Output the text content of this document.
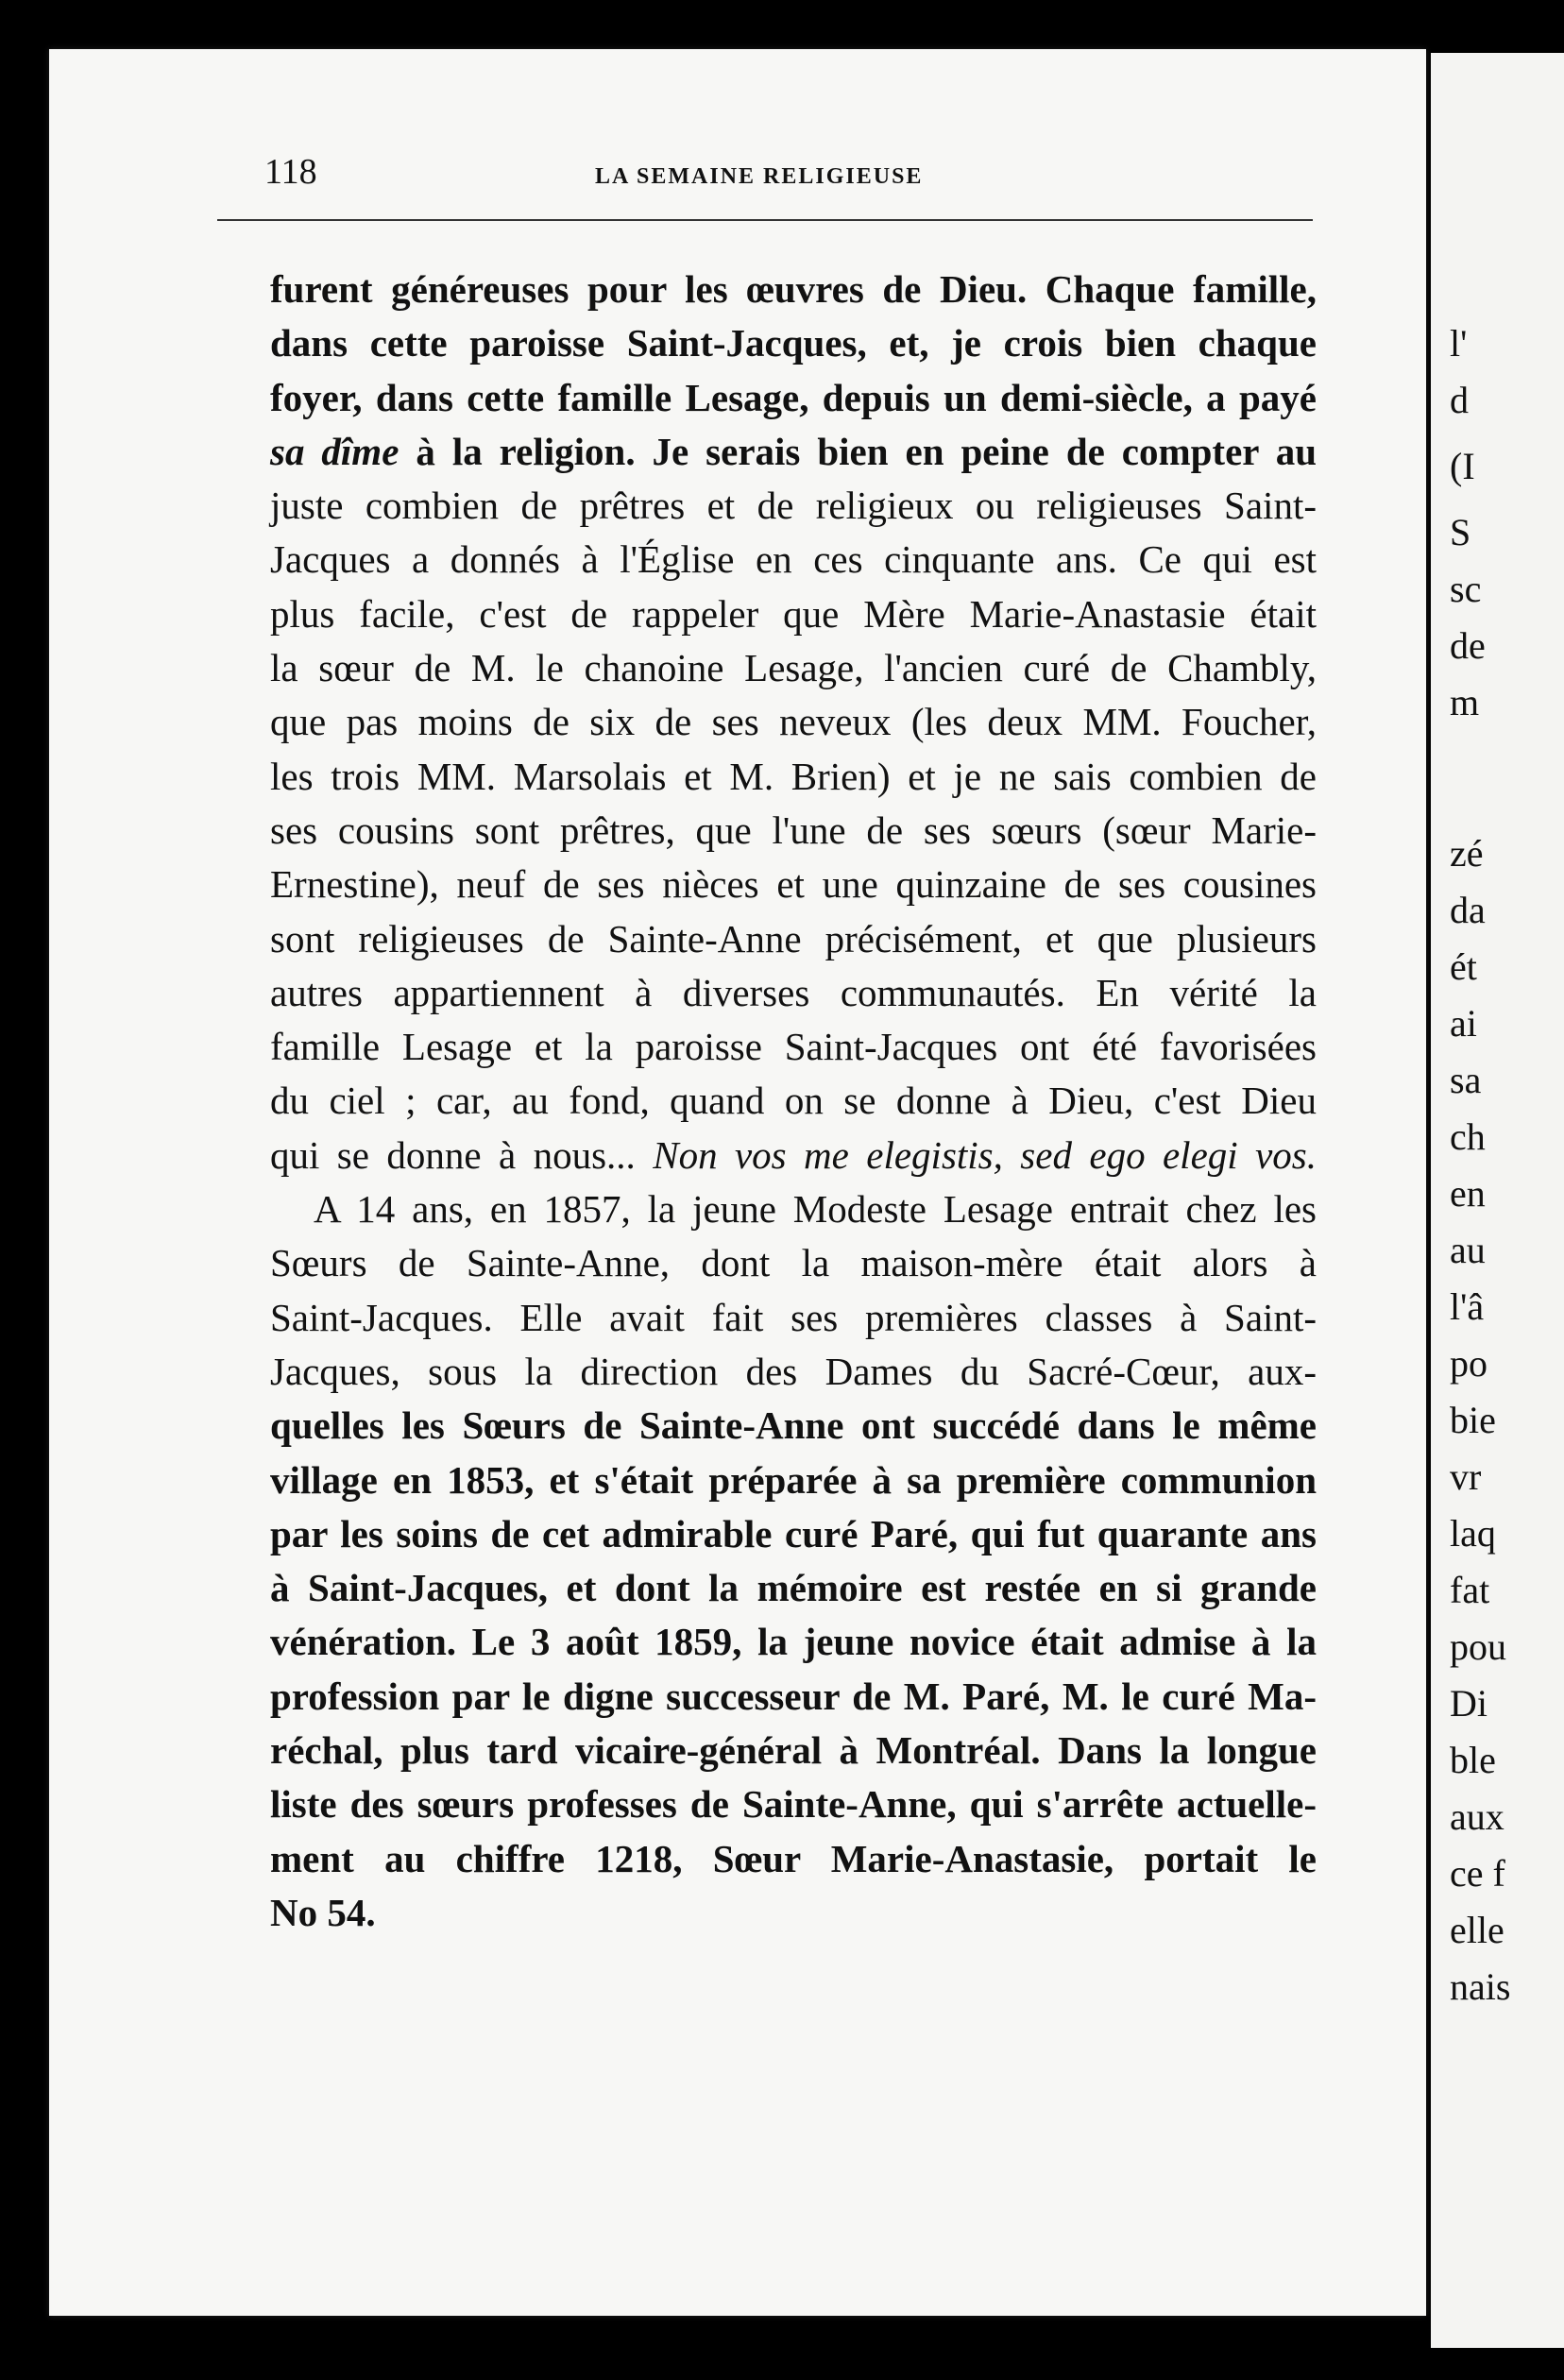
l'
d
(I
S
sc
de
m
zé
da
ét
ai
sa
ch
en
au
l'â
po
bie
vr
laq
fat
pou
Di
ble
aux
ce f
elle
nais
118	LA SEMAINE RELIGIEUSE
furent généreuses pour les œuvres de Dieu. Chaque famille,
dans cette paroisse Saint-Jacques, et, je crois bien chaque
foyer, dans cette famille Lesage, depuis un demi-siècle, a payé
sa dîme à la religion. Je serais bien en peine de compter au
juste combien de prêtres et de religieux ou religieuses Saint-
Jacques a donnés à l'Église en ces cinquante ans. Ce qui est
plus facile, c'est de rappeler que Mère Marie-Anastasie était
la sœur de M. le chanoine Lesage, l'ancien curé de Chambly,
que pas moins de six de ses neveux (les deux MM. Foucher,
les trois MM. Marsolais et M. Brien) et je ne sais combien de
ses cousins sont prêtres, que l'une de ses sœurs (sœur Marie-
Ernestine), neuf de ses nièces et une quinzaine de ses cousines
sont religieuses de Sainte-Anne précisément, et que plusieurs
autres appartiennent à diverses communautés. En vérité la
famille Lesage et la paroisse Saint-Jacques ont été favorisées
du ciel ; car, au fond, quand on se donne à Dieu, c'est Dieu
qui se donne à nous... Non vos me elegistis, sed ego elegi vos.
A 14 ans, en 1857, la jeune Modeste Lesage entrait chez les
Sœurs de Sainte-Anne, dont la maison-mère était alors à
Saint-Jacques. Elle avait fait ses premières classes à Saint-
Jacques, sous la direction des Dames du Sacré-Cœur, aux-
quelles les Sœurs de Sainte-Anne ont succédé dans le même
village en 1853, et s'était préparée à sa première communion
par les soins de cet admirable curé Paré, qui fut quarante ans
à Saint-Jacques, et dont la mémoire est restée en si grande
vénération. Le 3 août 1859, la jeune novice était admise à la
profession par le digne successeur de M. Paré, M. le curé Ma-
réchal, plus tard vicaire-général à Montréal. Dans la longue
liste des sœurs professes de Sainte-Anne, qui s'arrête actuelle-
ment au chiffre 1218, Sœur Marie-Anastasie, portait le
No 54.
